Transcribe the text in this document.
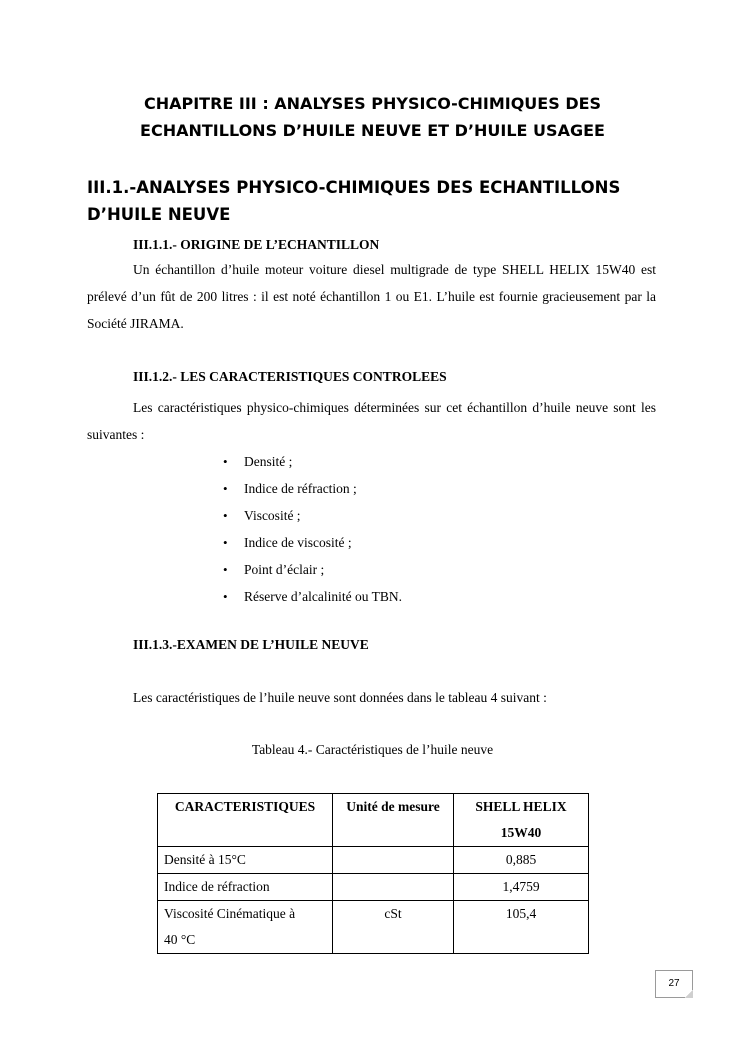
CHAPITRE III : ANALYSES PHYSICO-CHIMIQUES DES
ECHANTILLONS D’HUILE NEUVE ET D’HUILE USAGEE
III.1.-ANALYSES PHYSICO-CHIMIQUES DES ECHANTILLONS
D’HUILE NEUVE
III.1.1.- ORIGINE DE L’ECHANTILLON

Un échantillon d’huile moteur voiture diesel multigrade de type SHELL HELIX 15W40 est prélevé d’un fût de 200 litres : il est noté échantillon 1 ou E1. L’huile est fournie gracieusement par la Société JIRAMA.

III.1.2.- LES CARACTERISTIQUES CONTROLEES

Les caractéristiques physico-chimiques déterminées sur cet échantillon d’huile neuve sont les suivantes :

• Densité ;
• Indice de réfraction ;
• Viscosité ;
• Indice de viscosité ;
• Point d’éclair ;
• Réserve d’alcalinité ou TBN.
III.1.3.-EXAMEN DE L’HUILE NEUVE
Les caractéristiques de l’huile neuve sont données dans le tableau 4 suivant :
Tableau 4.- Caractéristiques de l’huile neuve
CARACTERISTIQUES	Unité de mesure	SHELL HELIX
15W40

Densité à 15°C		0,885
Indice de réfraction		1,4759

Viscosité Cinématique à
40 °C	cSt	105,4
27
